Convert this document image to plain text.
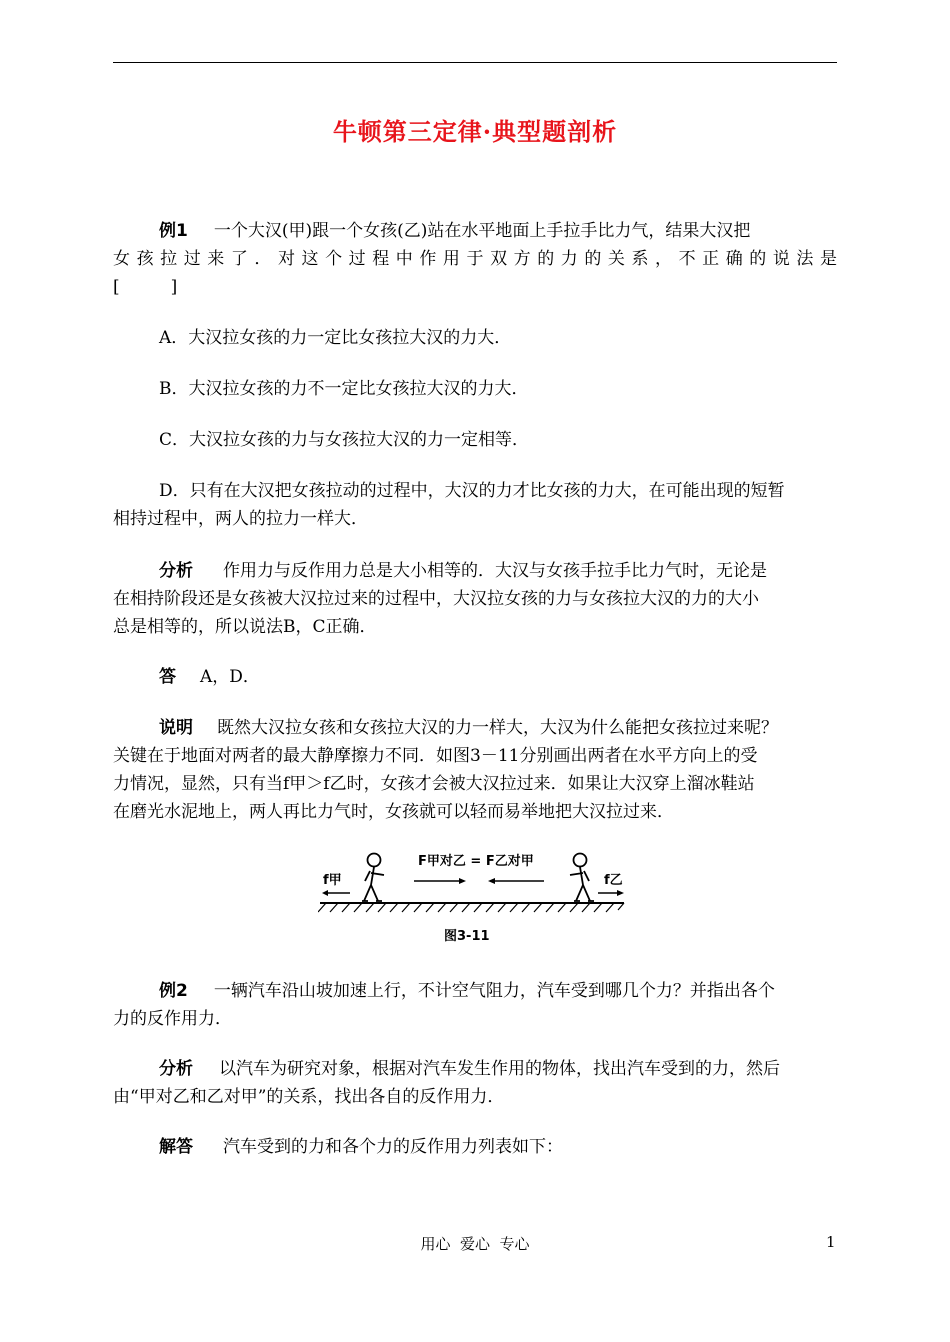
牛顿第三定律·典型题剖析
例1 一个大汉(甲)跟一个女孩(乙)站在水平地面上手拉手比力气，结果大汉把
女孩拉过来了．对这个过程中作用于双方的力的关系，不正确的说法是
[　　　]
A．大汉拉女孩的力一定比女孩拉大汉的力大．
B．大汉拉女孩的力不一定比女孩拉大汉的力大．
C．大汉拉女孩的力与女孩拉大汉的力一定相等．
D．只有在大汉把女孩拉动的过程中，大汉的力才比女孩的力大，在可能出现的短暂
相持过程中，两人的拉力一样大．
分析 作用力与反作用力总是大小相等的．大汉与女孩手拉手比力气时，无论是
在相持阶段还是女孩被大汉拉过来的过程中，大汉拉女孩的力与女孩拉大汉的力的大小
总是相等的，所以说法B，C正确．
答 A，D．
说明 既然大汉拉女孩和女孩拉大汉的力一样大，大汉为什么能把女孩拉过来呢？
关键在于地面对两者的最大静摩擦力不同．如图3－11分别画出两者在水平方向上的受
力情况，显然，只有当f甲＞f乙时，女孩才会被大汉拉过来．如果让大汉穿上溜冰鞋站
在磨光水泥地上，两人再比力气时，女孩就可以轻而易举地把大汉拉过来．
f甲
F甲对乙 = F乙对甲
f乙
图3-11
例2 一辆汽车沿山坡加速上行，不计空气阻力，汽车受到哪几个力？并指出各个
力的反作用力．
分析 以汽车为研究对象，根据对汽车发生作用的物体，找出汽车受到的力，然后
由“甲对乙和乙对甲”的关系，找出各自的反作用力．
解答 汽车受到的力和各个力的反作用力列表如下：
用心  爱心  专心	1
